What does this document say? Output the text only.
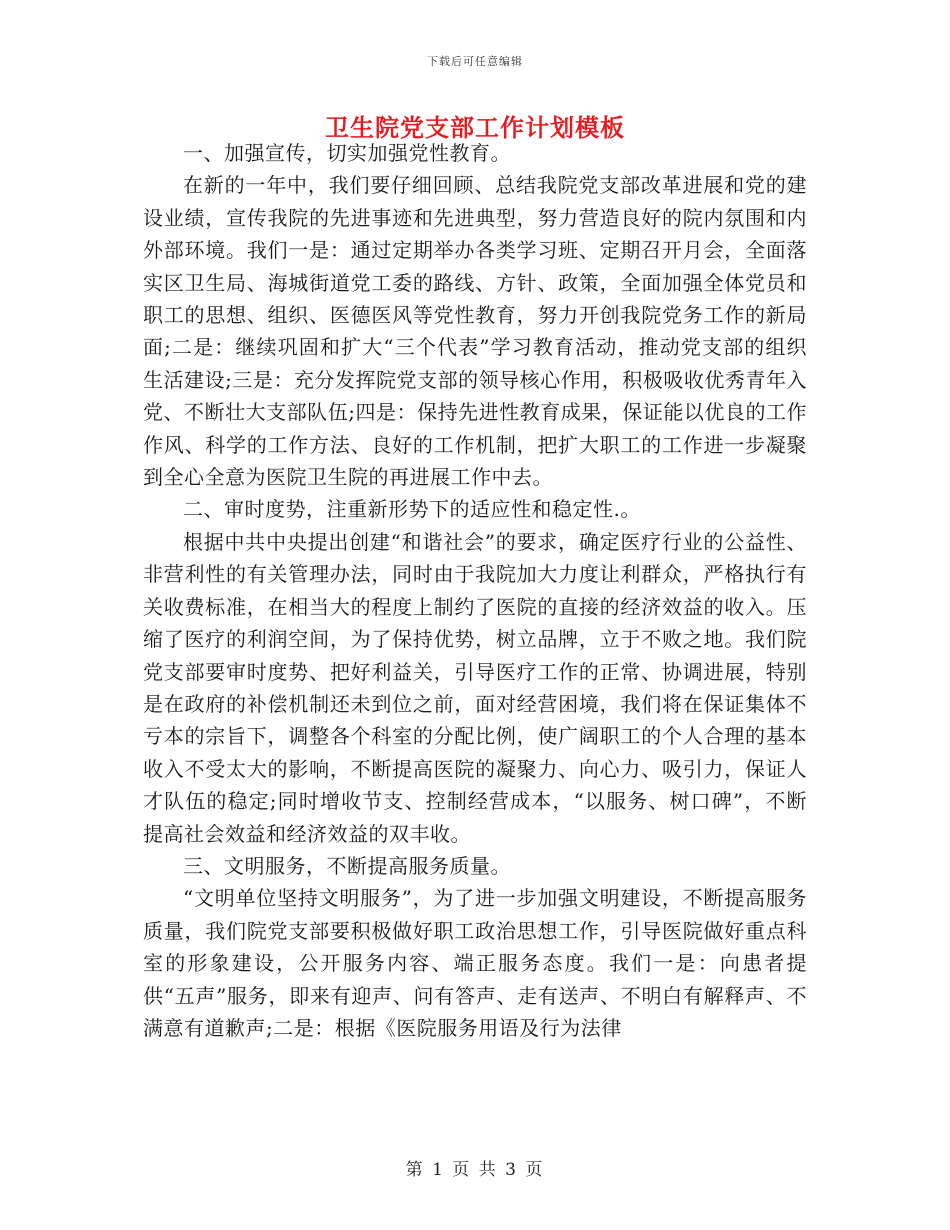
下载后可任意编辑
卫生院党支部工作计划模板

一、加强宣传，切实加强党性教育。

在新的一年中，我们要仔细回顾、总结我院党支部改革进展和党的建设业绩，宣传我院的先进事迹和先进典型，努力营造良好的院内氛围和内外部环境。我们一是：通过定期举办各类学习班、定期召开月会，全面落实区卫生局、海城街道党工委的路线、方针、政策，全面加强全体党员和职工的思想、组织、医德医风等党性教育，努力开创我院党务工作的新局面;二是：继续巩固和扩大“三个代表”学习教育活动，推动党支部的组织生活建设;三是：充分发挥院党支部的领导核心作用，积极吸收优秀青年入党、不断壮大支部队伍;四是：保持先进性教育成果，保证能以优良的工作作风、科学的工作方法、良好的工作机制，把扩大职工的工作进一步凝聚到全心全意为医院卫生院的再进展工作中去。

二、审时度势，注重新形势下的适应性和稳定性.。

根据中共中央提出创建“和谐社会”的要求，确定医疗行业的公益性、非营利性的有关管理办法，同时由于我院加大力度让利群众，严格执行有关收费标准，在相当大的程度上制约了医院的直接的经济效益的收入。压缩了医疗的利润空间，为了保持优势，树立品牌，立于不败之地。我们院党支部要审时度势、把好利益关，引导医疗工作的正常、协调进展，特别是在政府的补偿机制还未到位之前，面对经营困境，我们将在保证集体不亏本的宗旨下，调整各个科室的分配比例，使广阔职工的个人合理的基本收入不受太大的影响，不断提高医院的凝聚力、向心力、吸引力，保证人才队伍的稳定;同时增收节支、控制经营成本，“以服务、树口碑”，不断提高社会效益和经济效益的双丰收。

三、文明服务，不断提高服务质量。

“文明单位坚持文明服务”，为了进一步加强文明建设，不断提高服务质量，我们院党支部要积极做好职工政治思想工作，引导医院做好重点科室的形象建设，公开服务内容、端正服务态度。我们一是：向患者提供“五声”服务，即来有迎声、问有答声、走有送声、不明白有解释声、不满意有道歉声;二是：根据《医院服务用语及行为法律

第 1 页 共 3 页
